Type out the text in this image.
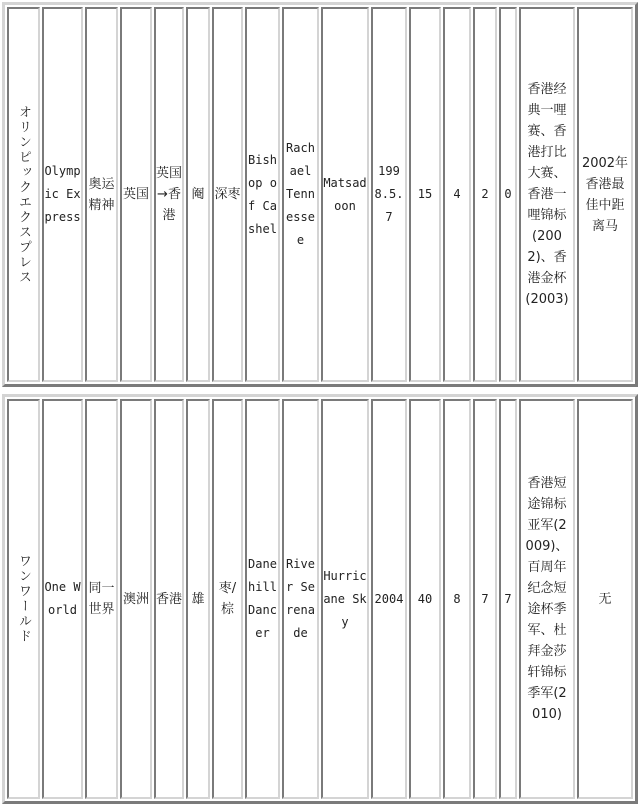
オリンピックエクスプレス Olympic Express
奥运精神
英国
英国→香港
阉 深枣
Bishop of Cashel
Rachael Tennessee
Matsadoon
1998.5.7
15 4 2 0
香港经典一哩赛、香港打比大赛、香港一哩锦标(2002)、香港金杯(2003)
2002年香港最佳中距离马
ワンワールド One World
同一世界
澳洲 香港 雄
枣/棕
Danehill Dancer
River Serenade
Hurricane Sky
2004 40 8 7 7
香港短途锦标亚军(2009)、百周年纪念短途杯季军、杜拜金莎轩锦标季军(2010)
无
